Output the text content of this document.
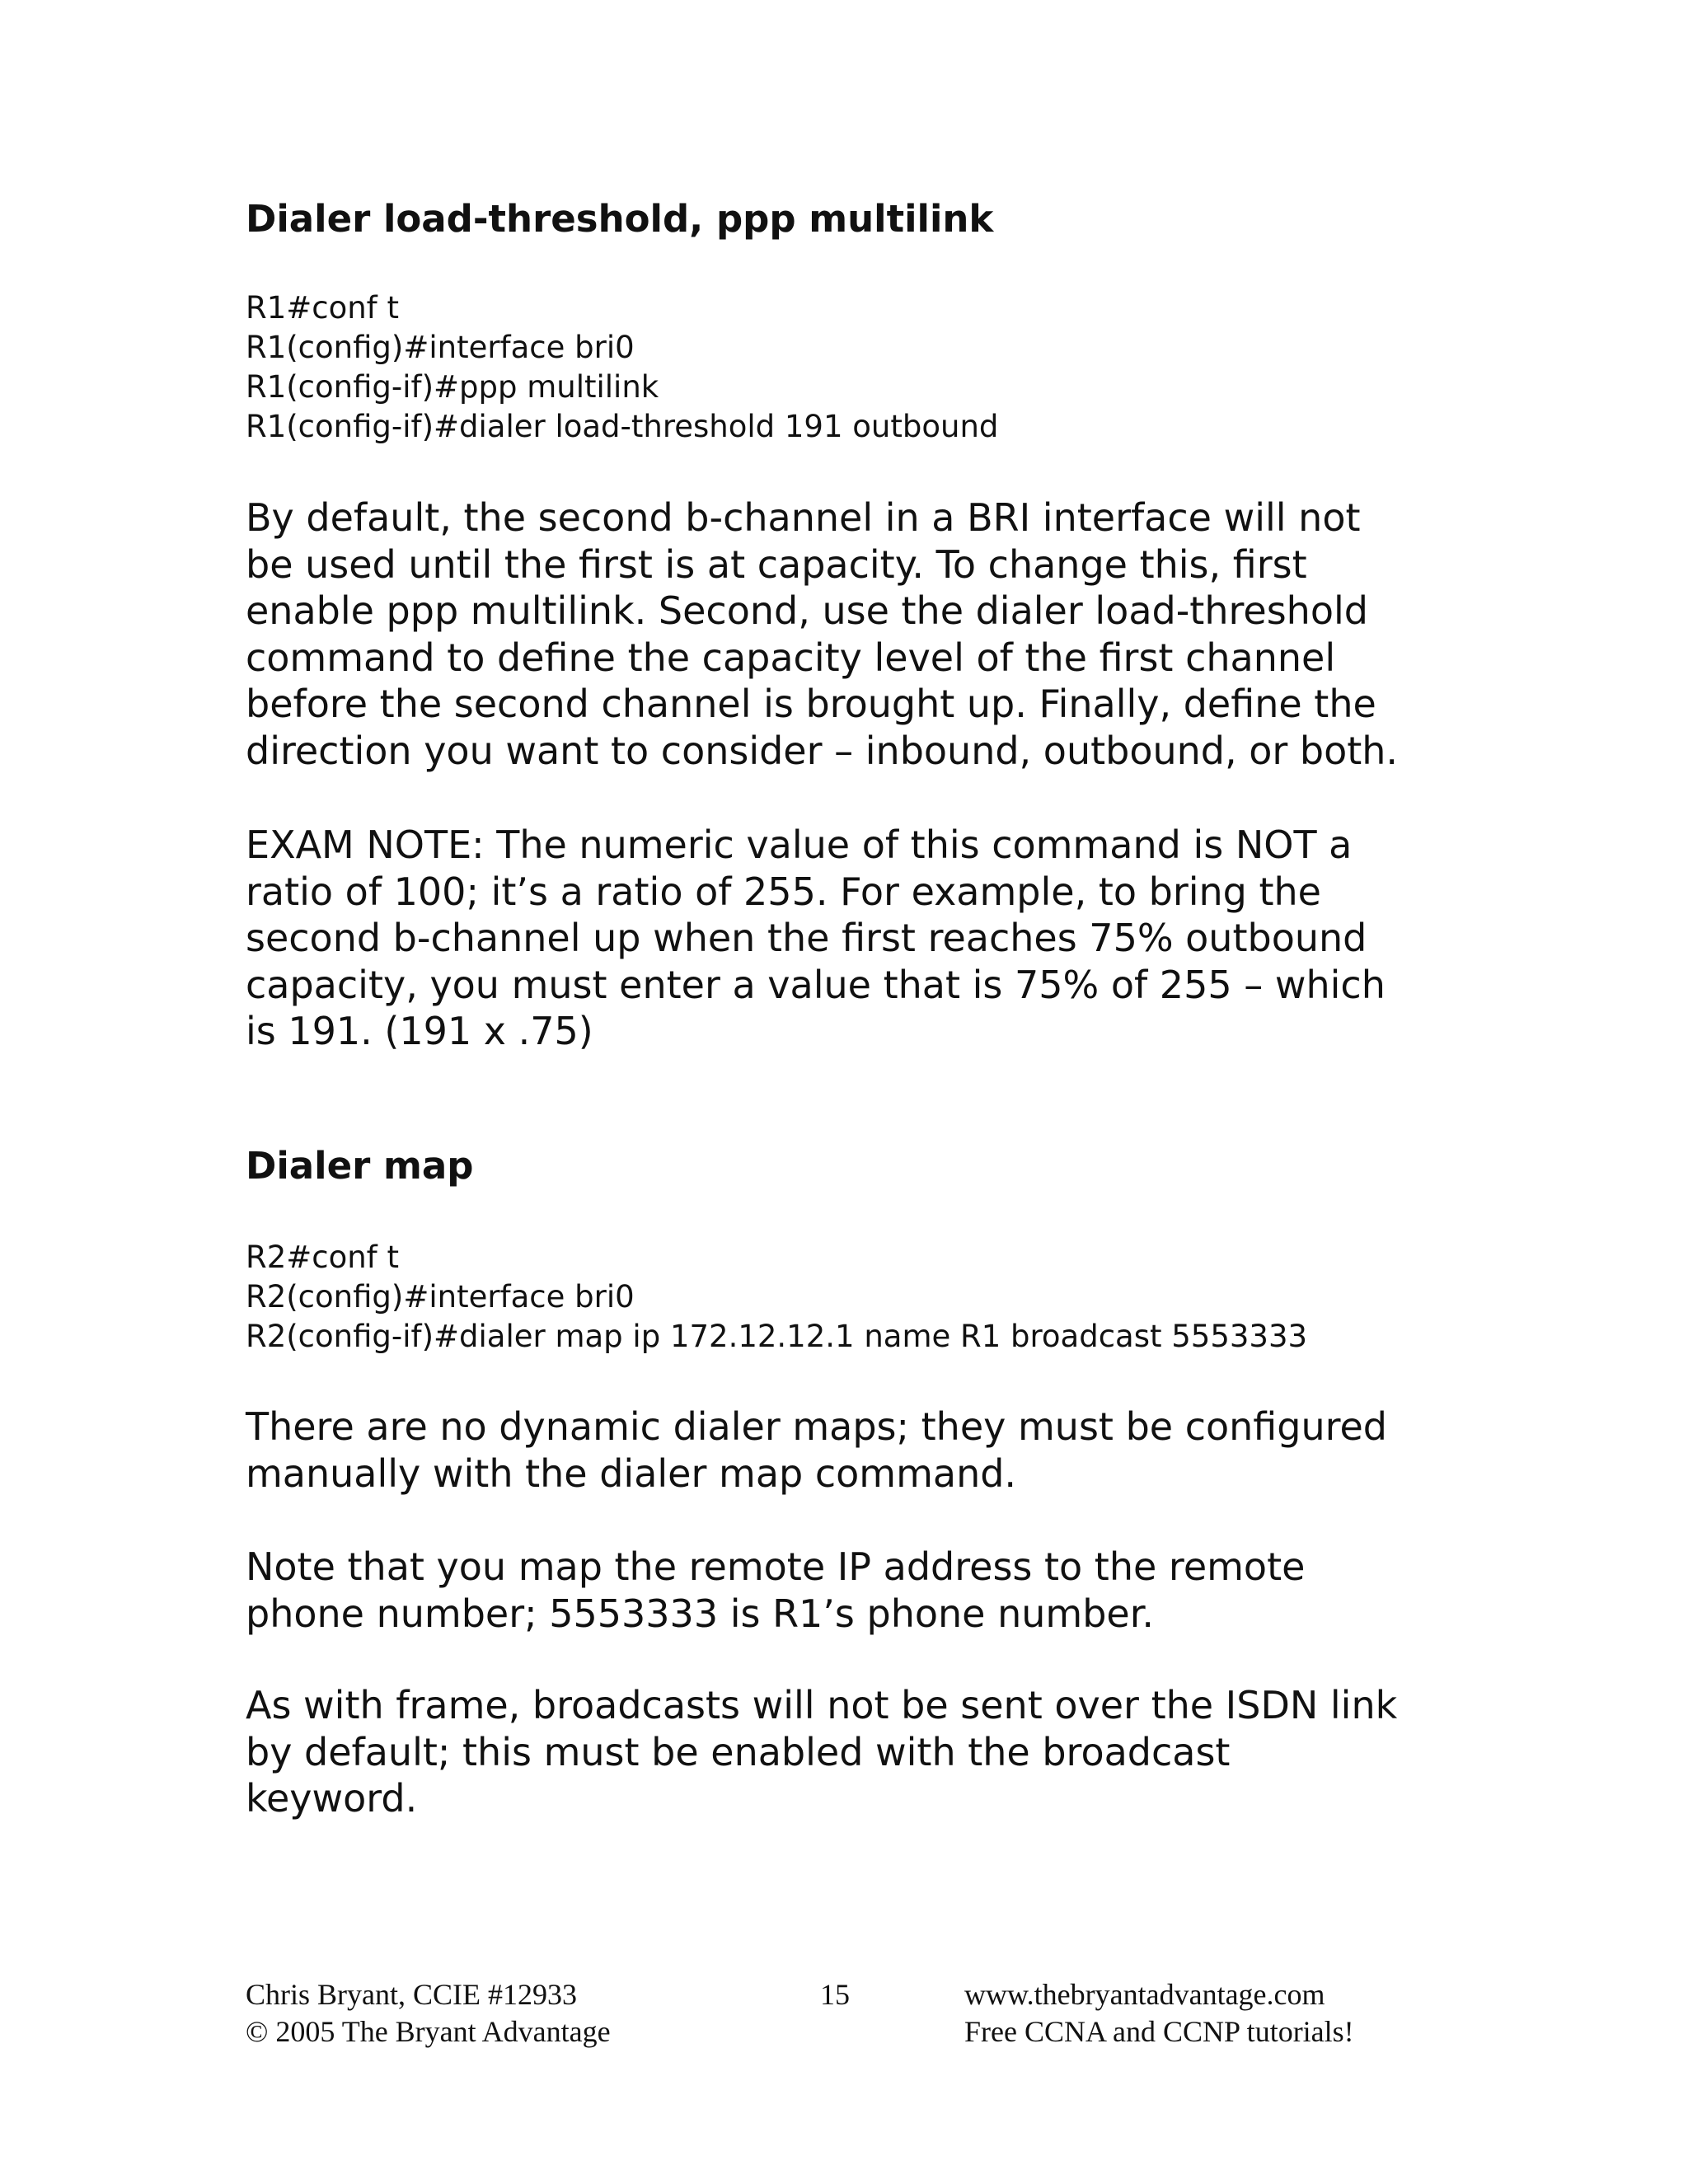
Dialer load-threshold, ppp multilink
R1#conf t
R1(config)#interface bri0
R1(config-if)#ppp multilink
R1(config-if)#dialer load-threshold 191 outbound

By default, the second b-channel in a BRI interface will not
be used until the first is at capacity. To change this, first
enable ppp multilink. Second, use the dialer load-threshold
command to define the capacity level of the first channel
before the second channel is brought up. Finally, define the
direction you want to consider – inbound, outbound, or both.

EXAM NOTE: The numeric value of this command is NOT a
ratio of 100; it’s a ratio of 255. For example, to bring the
second b-channel up when the first reaches 75% outbound
capacity, you must enter a value that is 75% of 255 – which
is 191. (191 x .75)

Dialer map
R2#conf t
R2(config)#interface bri0
R2(config-if)#dialer map ip 172.12.12.1 name R1 broadcast 5553333

There are no dynamic dialer maps; they must be configured
manually with the dialer map command.

Note that you map the remote IP address to the remote
phone number; 5553333 is R1’s phone number.

As with frame, broadcasts will not be sent over the ISDN link
by default; this must be enabled with the broadcast
keyword.

Chris Bryant, CCIE #12933
© 2005 The Bryant Advantage
15	www.thebryantadvantage.com
Free CCNA and CCNP tutorials!
